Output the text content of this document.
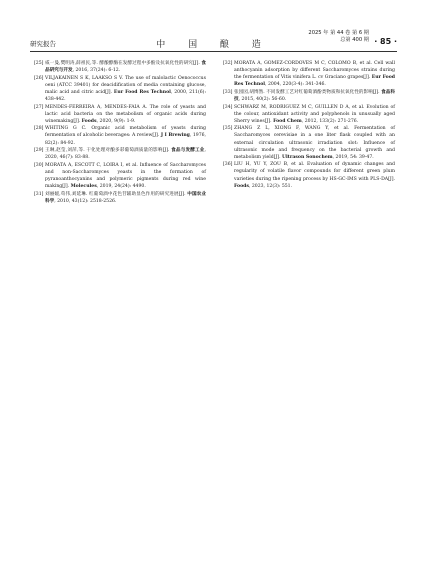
研究报告	中 国 酿 造
2025 年 第 44 卷 第 6 期
总第 400 期 · 85 ·
[25] 威一曼,樊明涛,薛祖民,等. 酵酿酵酶在发酵过程中多酚及抗氧化性的研究[J]. 食品研究与开发, 2016, 37(24): 6-12.
[26] VILJAKAINEN S K, LAAKSO S V. The use of malolactic Oenococcus oeni (ATCC 39401) for deacidification of media containing glucose, malic acid and citric acid[J]. Eur Food Res Technol, 2000, 211(6): 438-442.
[27] MENDES-FERREIRA A, MENDES-FAIA A. The role of yeasts and lactic acid bacteria on the metabolism of organic acids during winemaking[J]. Foods, 2020, 9(9): 1-9.
[28] WHITING G C. Organic acid metabolism of yeasts during fermentation of alcoholic beverages: A review[J]. J I Brewing, 1976, 82(2): 84-92.
[29] 王琳,赵莹,刘萍,等. 干化处理对酿多彩葡萄酒质量的影响[J]. 食品与发酵工业, 2020, 46(7): 83-88.
[30] MORATA A, ESCOTT C, LOIRA I, et al. Influence of Saccharomyces and non-Saccharomyces yeasts in the formation of pyranoanthocyanins and polymeric pigments during red wine making[J]. Molecules, 2019, 24(24): 4490.
[31] 刘丽媛,苟伟,刘延琳. 红葡萄酒中花色苷辅助显色作用的研究进展[J]. 中国农业科学, 2010, 43(12): 2518-2526.
[32] MORATA A, GOMEZ-CORDOVES M C, COLOMO B, et al. Cell wall anthocyanin adsorption by different Saccharomyces strains during the fermentation of Vitis vinifera L. cv Graciano grapes[J]. Eur Food Res Technol, 2004, 220(3-4): 341-346.
[33] 张园园,胡博然. 不同发酵工艺对红葡萄酒酚类物质和抗氧化性的影响[J]. 食品科技, 2015, 40(2): 56-60.
[34] SCHWARZ M, RODRIGUEZ M C, GUILLEN D A, et al. Evolution of the colour, antioxidant activity and polyphenols in unusually aged Sherry wines[J]. Food Chem, 2012, 133(2): 271-276.
[35] ZHANG Z L, XIONG F, WANG Y, et al. Fermentation of Saccharomyces cerevisiae in a one liter flask coupled with an external circulation ultrasonic irradiation slot: Influence of ultrasonic mode and frequency on the bacterial growth and metabolism yield[J]. Ultrason Sonochem, 2019, 54: 39-47.
[36] LIU H, YU Y, ZOU B, et al. Evaluation of dynamic changes and regularity of volatile flavor compounds for different green plum varieties during the ripening process by HS-GC-IMS with PLS-DA[J]. Foods, 2023, 12(3): 551.
